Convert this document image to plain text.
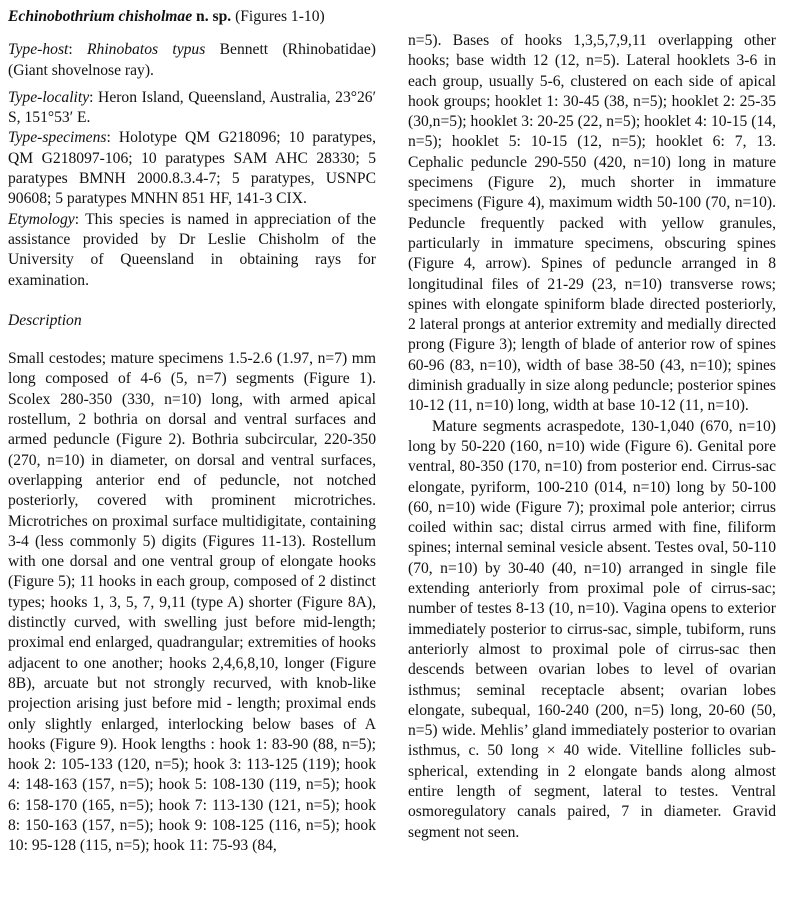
Echinobothrium chisholmae n. sp. (Figures 1-10)

Type-host: Rhinobatos typus Bennett (Rhinobatidae) (Giant shovelnose ray).

Type-locality: Heron Island, Queensland, Australia, 23°26′ S, 151°53′ E.

Type-specimens: Holotype QM G218096; 10 paratypes, QM G218097-106; 10 paratypes SAM AHC 28330; 5 paratypes BMNH 2000.8.3.4-7; 5 paratypes, USNPC 90608; 5 paratypes MNHN 851 HF, 141-3 CIX.

Etymology: This species is named in appreciation of the assistance provided by Dr Leslie Chisholm of the University of Queensland in obtaining rays for examination.

Description

Small cestodes; mature specimens 1.5-2.6 (1.97, n=7) mm long composed of 4-6 (5, n=7) segments (Figure 1). Scolex 280-350 (330, n=10) long, with armed apical rostellum, 2 bothria on dorsal and ventral surfaces and armed peduncle (Figure 2). Bothria subcircular, 220-350 (270, n=10) in diameter, on dorsal and ventral surfaces, overlapping anterior end of peduncle, not notched posteriorly, covered with prominent microtriches. Microtriches on proximal surface multidigitate, containing 3-4 (less commonly 5) digits (Figures 11-13). Rostellum with one dorsal and one ventral group of elongate hooks (Figure 5); 11 hooks in each group, composed of 2 distinct types; hooks 1, 3, 5, 7, 9,11 (type A) shorter (Figure 8A), distinctly curved, with swelling just before mid-length; proximal end enlarged, quadrangular; extremities of hooks adjacent to one another; hooks 2,4,6,8,10, longer (Figure 8B), arcuate but not strongly recurved, with knob-like projection arising just before mid - length; proximal ends only slightly enlarged, interlocking below bases of A hooks (Figure 9). Hook lengths : hook 1: 83-90 (88, n=5); hook 2: 105-133 (120, n=5); hook 3: 113-125 (119); hook 4: 148-163 (157, n=5); hook 5: 108-130 (119, n=5); hook 6: 158-170 (165, n=5); hook 7: 113-130 (121, n=5); hook 8: 150-163 (157, n=5); hook 9: 108-125 (116, n=5); hook 10: 95-128 (115, n=5); hook 11: 75-93 (84,

n=5). Bases of hooks 1,3,5,7,9,11 overlapping other hooks; base width 12 (12, n=5). Lateral hooklets 3-6 in each group, usually 5-6, clustered on each side of apical hook groups; hooklet 1: 30-45 (38, n=5); hooklet 2: 25-35 (30,n=5); hooklet 3: 20-25 (22, n=5); hooklet 4: 10-15 (14, n=5); hooklet 5: 10-15 (12, n=5); hooklet 6: 7, 13. Cephalic peduncle 290-550 (420, n=10) long in mature specimens (Figure 2), much shorter in immature specimens (Figure 4), maximum width 50-100 (70, n=10). Peduncle frequently packed with yellow granules, particularly in immature specimens, obscuring spines (Figure 4, arrow). Spines of peduncle arranged in 8 longitudinal files of 21-29 (23, n=10) transverse rows; spines with elongate spiniform blade directed posteriorly, 2 lateral prongs at anterior extremity and medially directed prong (Figure 3); length of blade of anterior row of spines 60-96 (83, n=10), width of base 38-50 (43, n=10); spines diminish gradually in size along peduncle; posterior spines 10-12 (11, n=10) long, width at base 10-12 (11, n=10).

Mature segments acraspedote, 130-1,040 (670, n=10) long by 50-220 (160, n=10) wide (Figure 6). Genital pore ventral, 80-350 (170, n=10) from posterior end. Cirrus-sac elongate, pyriform, 100-210 (014, n=10) long by 50-100 (60, n=10) wide (Figure 7); proximal pole anterior; cirrus coiled within sac; distal cirrus armed with fine, filiform spines; internal seminal vesicle absent. Testes oval, 50-110 (70, n=10) by 30-40 (40, n=10) arranged in single file extending anteriorly from proximal pole of cirrus-sac; number of testes 8-13 (10, n=10). Vagina opens to exterior immediately posterior to cirrus-sac, simple, tubiform, runs anteriorly almost to proximal pole of cirrus-sac then descends between ovarian lobes to level of ovarian isthmus; seminal receptacle absent; ovarian lobes elongate, subequal, 160-240 (200, n=5) long, 20-60 (50, n=5) wide. Mehlis’ gland immediately posterior to ovarian isthmus, c. 50 long × 40 wide. Vitelline follicles sub-spherical, extending in 2 elongate bands along almost entire length of segment, lateral to testes. Ventral osmoregulatory canals paired, 7 in diameter. Gravid segment not seen.
